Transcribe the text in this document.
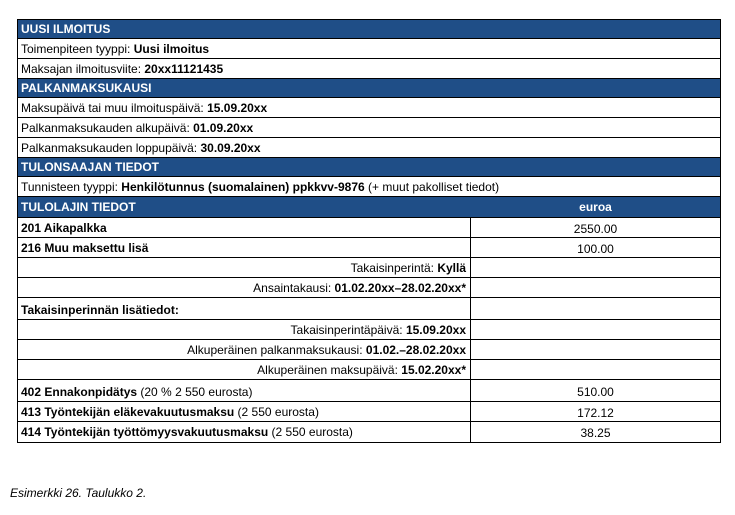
UUSI ILMOITUS
Toimenpiteen tyyppi: Uusi ilmoitus
Maksajan ilmoitusviite: 20xx11121435
PALKANMAKSUKAUSI
Maksupäivä tai muu ilmoituspäivä: 15.09.20xx
Palkanmaksukauden alkupäivä: 01.09.20xx
Palkanmaksukauden loppupäivä: 30.09.20xx
TULONSAAJAN TIEDOT
Tunnisteen tyyppi: Henkilötunnus (suomalainen) ppkkvv-9876 (+ muut pakolliset tiedot)
TULOLAJIN TIEDOT	euroa
201 Aikapalkka	2550.00
216 Muu maksettu lisä	100.00
Takaisinperintä: Kyllä
Ansaintakausi: 01.02.20xx–28.02.20xx*
Takaisinperinnän lisätiedot:
Takaisinperintäpäivä: 15.09.20xx
Alkuperäinen palkanmaksukausi: 01.02.–28.02.20xx
Alkuperäinen maksupäivä: 15.02.20xx*
402 Ennakonpidätys (20 % 2 550 eurosta)	510.00
413 Työntekijän eläkevakuutusmaksu (2 550 eurosta)	172.12
414 Työntekijän työttömyysvakuutusmaksu (2 550 eurosta)	38.25
Esimerkki 26. Taulukko 2.
